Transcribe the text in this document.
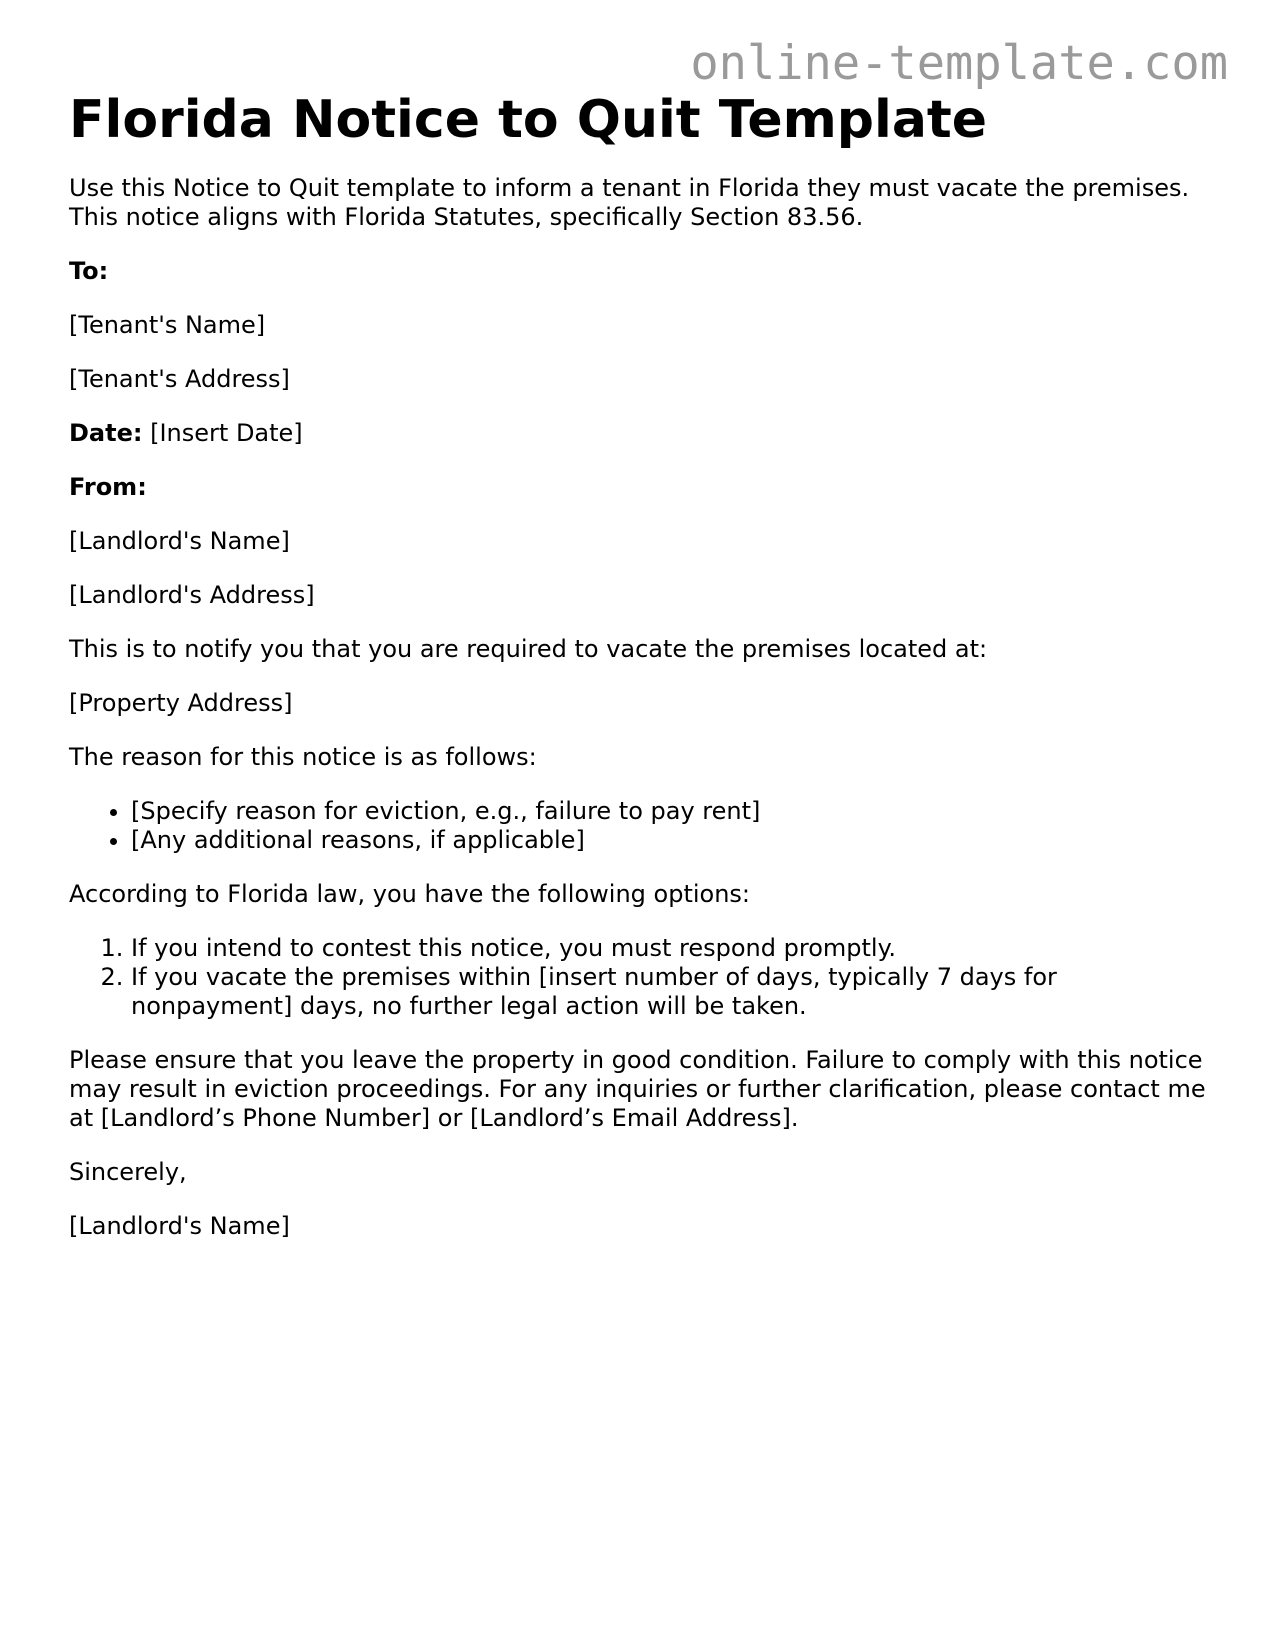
online-template.com
Florida Notice to Quit Template

Use this Notice to Quit template to inform a tenant in Florida they must vacate the premises. This notice aligns with Florida Statutes, specifically Section 83.56.

To:

[Tenant's Name]

[Tenant's Address]

Date: [Insert Date]

From:

[Landlord's Name]

[Landlord's Address]

This is to notify you that you are required to vacate the premises located at:

[Property Address]

The reason for this notice is as follows:

• [Specify reason for eviction, e.g., failure to pay rent]
• [Any additional reasons, if applicable]

According to Florida law, you have the following options:

1. If you intend to contest this notice, you must respond promptly.
2. If you vacate the premises within [insert number of days, typically 7 days for nonpayment] days, no further legal action will be taken.

Please ensure that you leave the property in good condition. Failure to comply with this notice may result in eviction proceedings. For any inquiries or further clarification, please contact me at [Landlord’s Phone Number] or [Landlord’s Email Address].

Sincerely,

[Landlord's Name]
